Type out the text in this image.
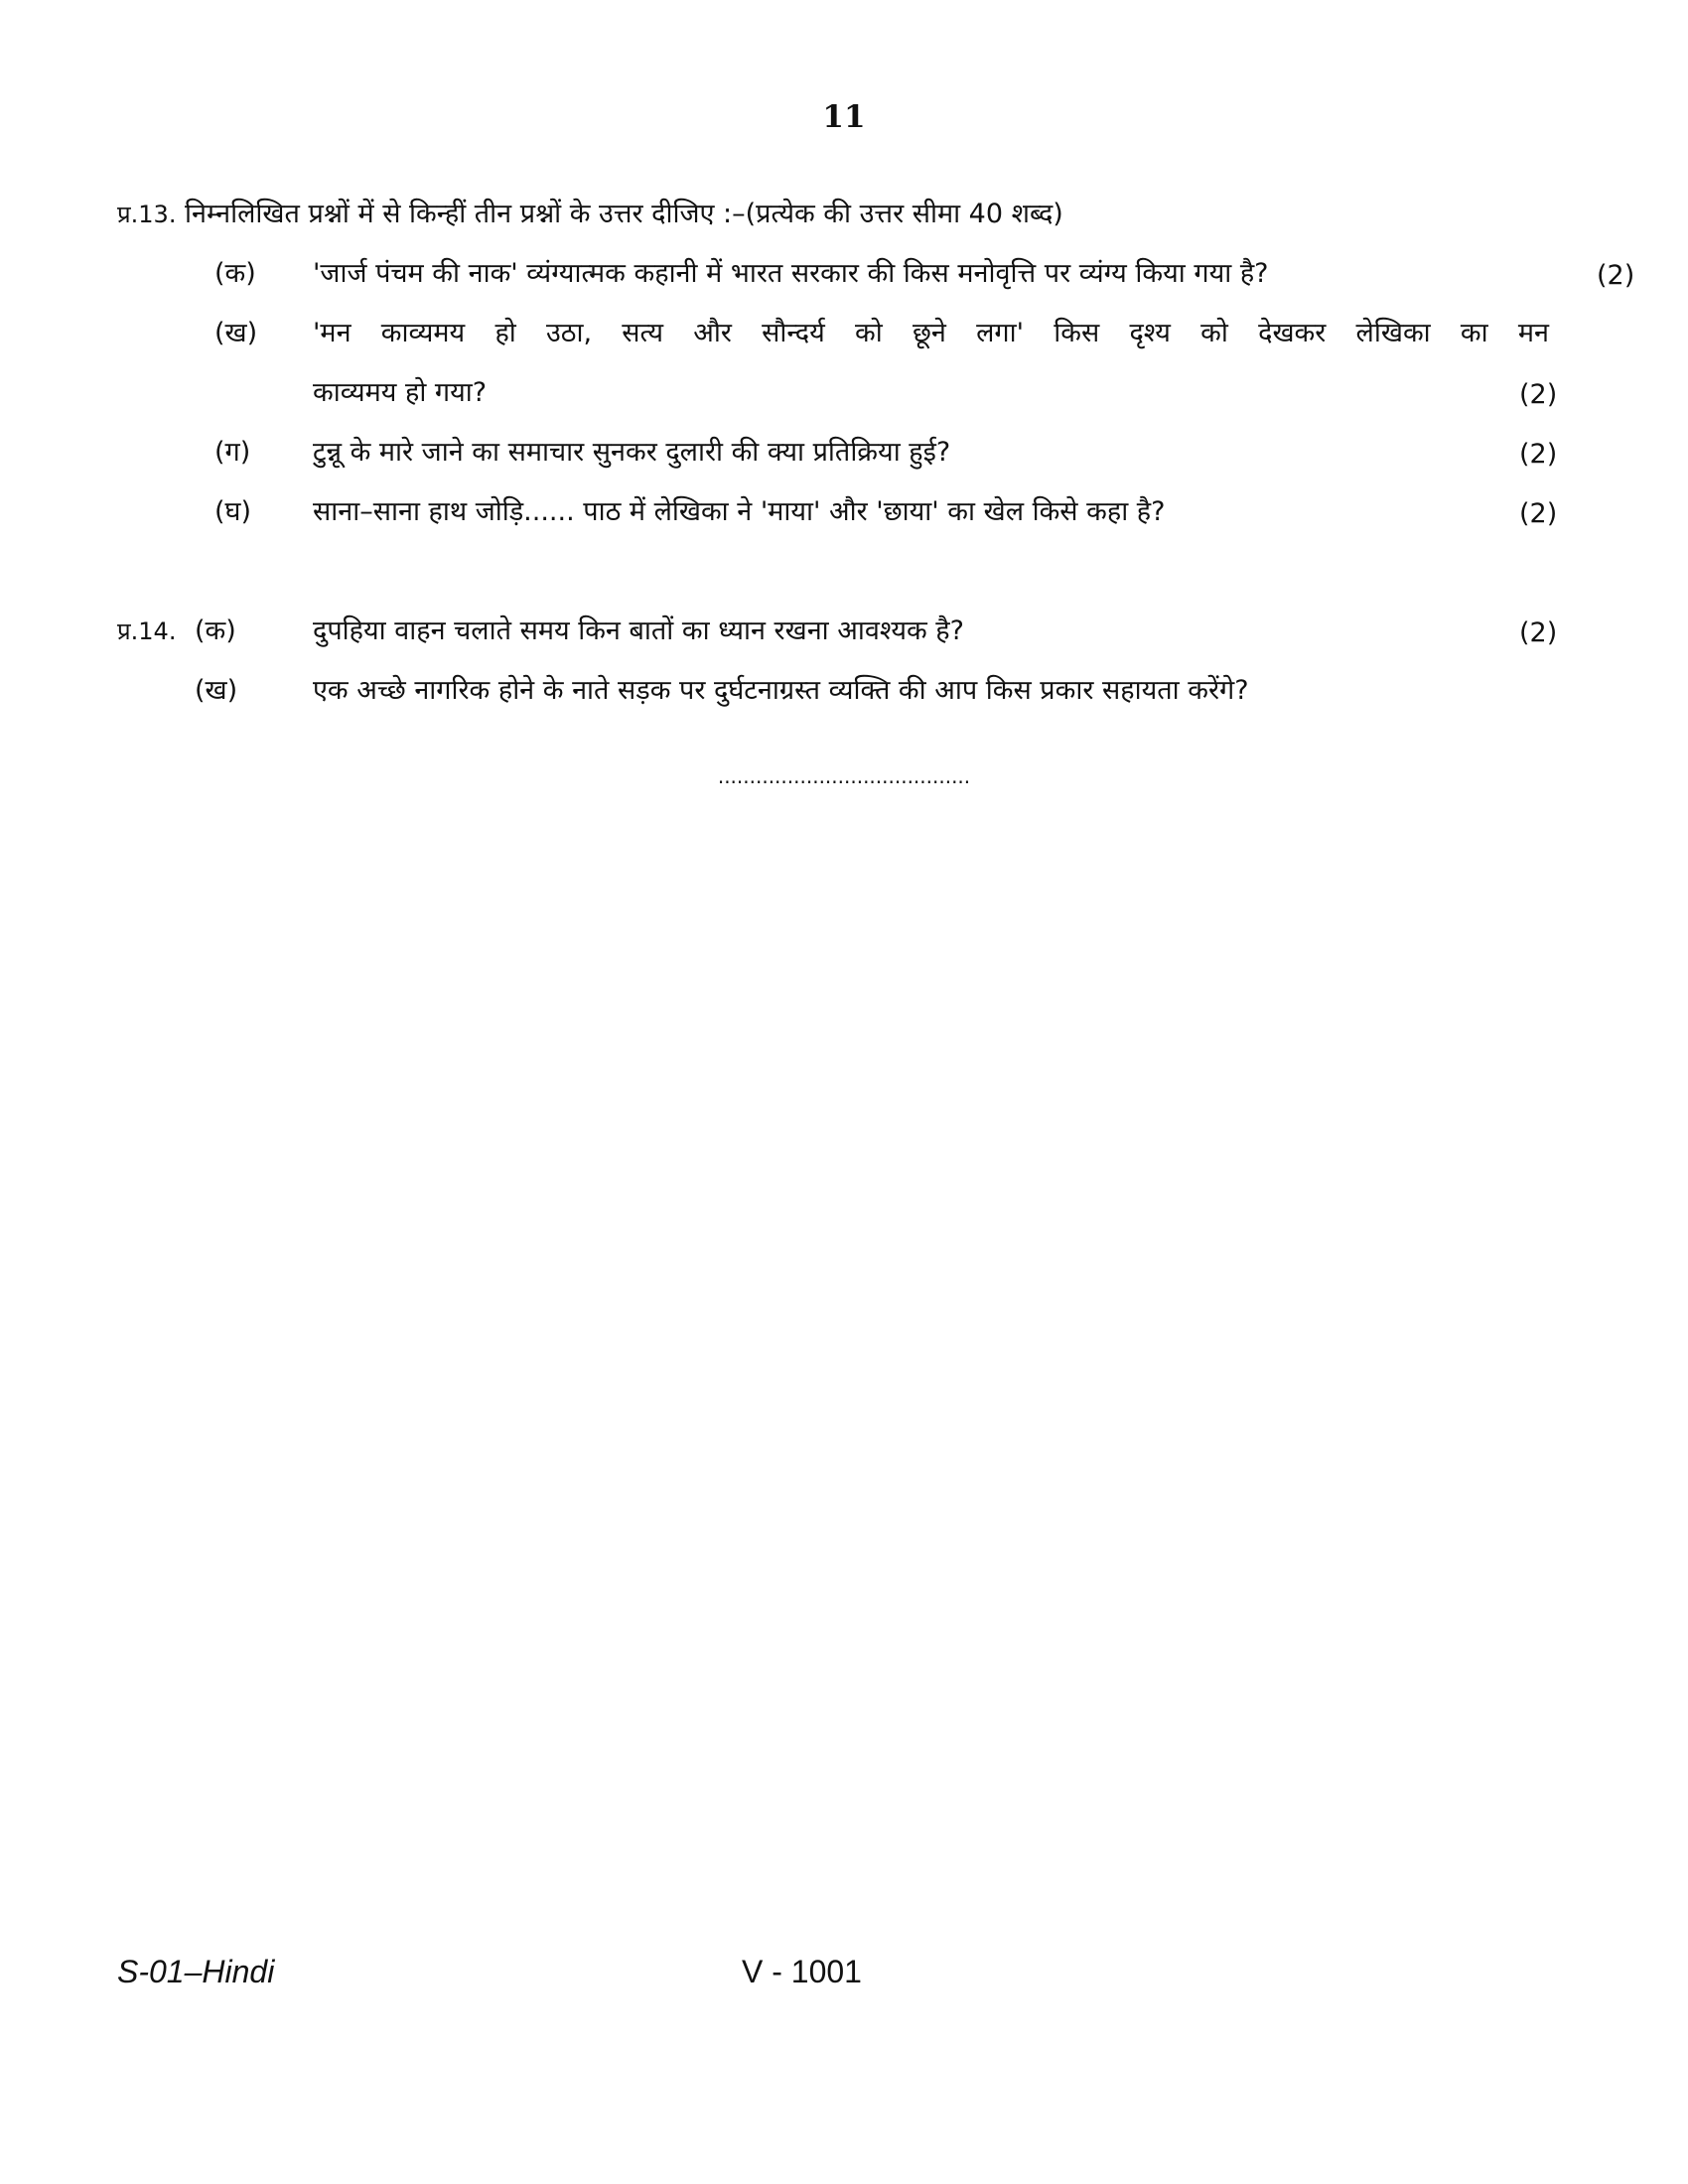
11
प्र.13. निम्नलिखित प्रश्नों में से किन्हीं तीन प्रश्नों के उत्तर दीजिए :–(प्रत्येक की उत्तर सीमा 40 शब्द)
(क) 'जार्ज पंचम की नाक' व्यंग्यात्मक कहानी में भारत सरकार की किस मनोवृत्ति पर व्यंग्य किया गया है?	(2)
(ख) 'मन काव्यमय हो उठा, सत्य और सौन्दर्य को छूने लगा' किस दृश्य को देखकर लेखिका का मन
काव्यमय हो गया?	(2)
(ग) टुन्नू के मारे जाने का समाचार सुनकर दुलारी की क्या प्रतिक्रिया हुई?	(2)
(घ) साना–साना हाथ जोड़ि...... पाठ में लेखिका ने 'माया' और 'छाया' का खेल किसे कहा है?	(2)
प्र.14. (क)	दुपहिया वाहन चलाते समय किन बातों का ध्यान रखना आवश्यक है?	(2)
(ख)	एक अच्छे नागरिक होने के नाते सड़क पर दुर्घटनाग्रस्त व्यक्ति की आप किस प्रकार सहायता करेंगे?
........................................
S-01–Hindi	V - 1001
